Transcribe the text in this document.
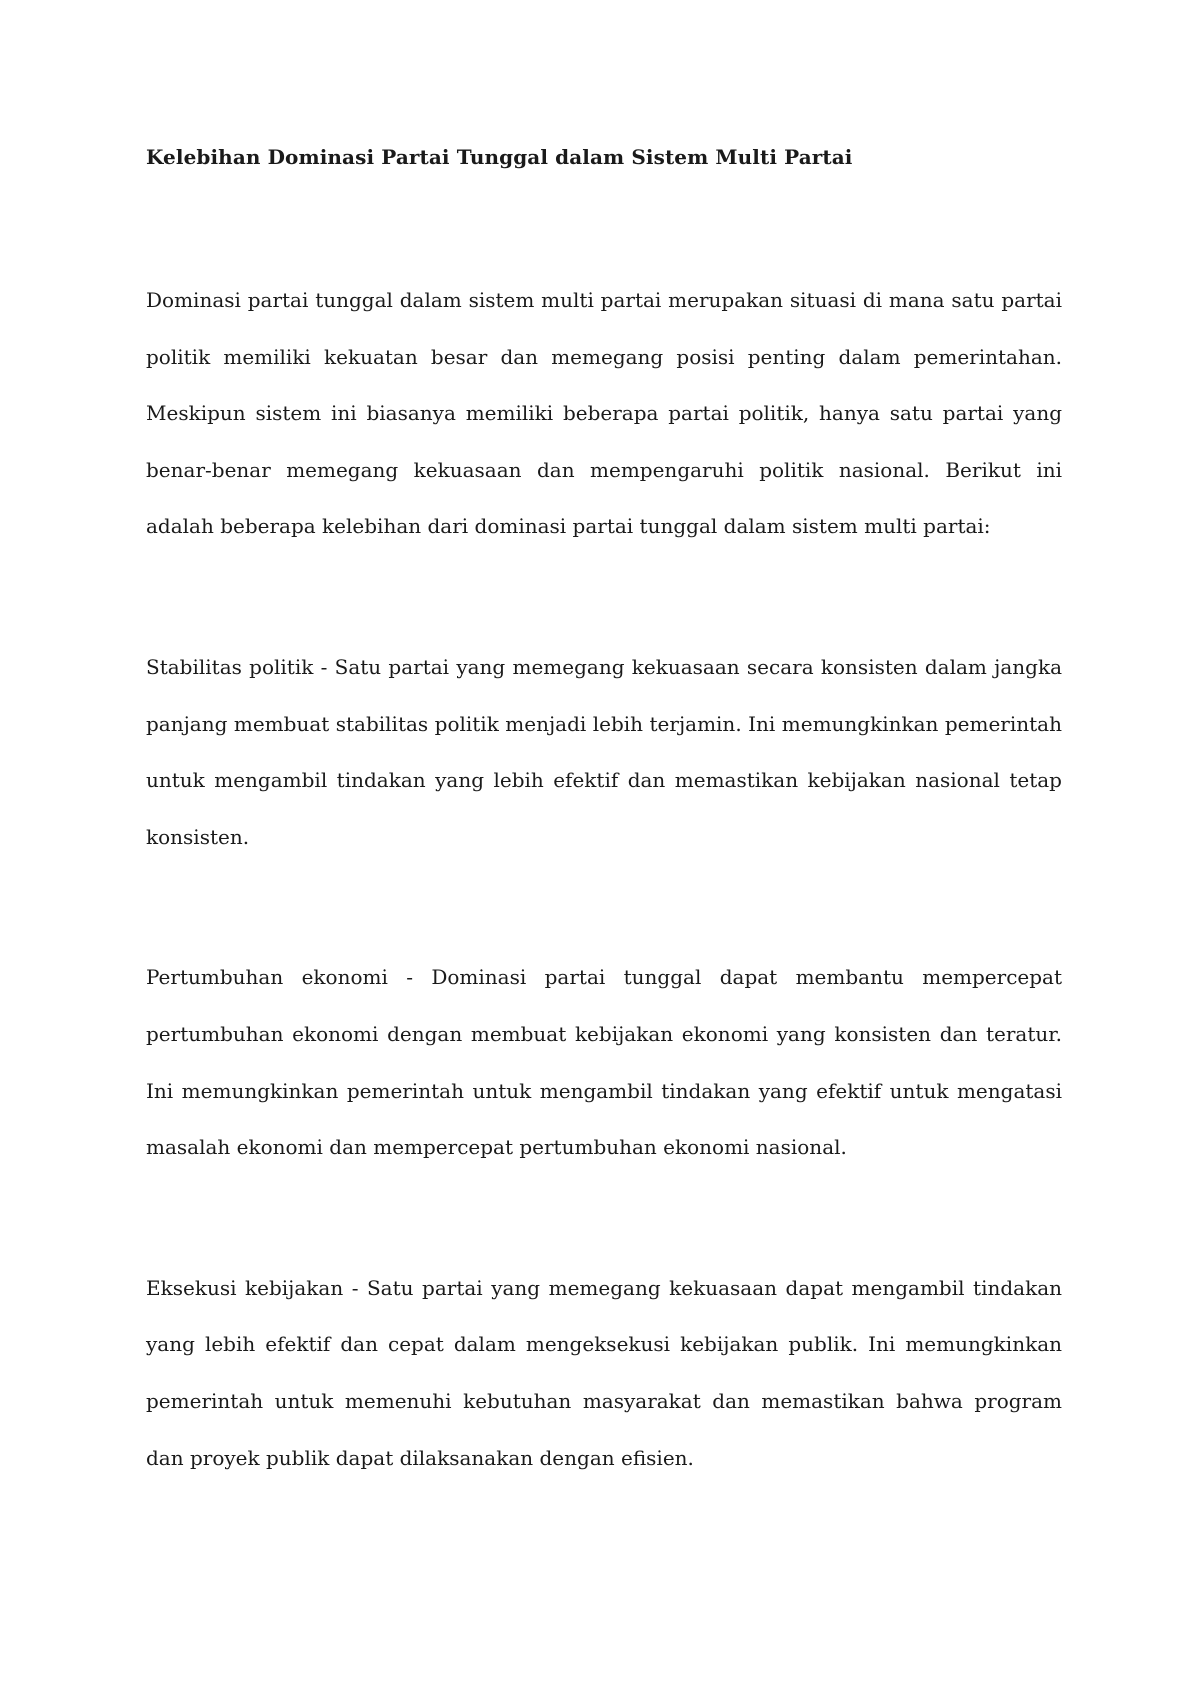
Kelebihan Dominasi Partai Tunggal dalam Sistem Multi Partai

Dominasi partai tunggal dalam sistem multi partai merupakan situasi di mana satu partai politik memiliki kekuatan besar dan memegang posisi penting dalam pemerintahan. Meskipun sistem ini biasanya memiliki beberapa partai politik, hanya satu partai yang benar-benar memegang kekuasaan dan mempengaruhi politik nasional. Berikut ini adalah beberapa kelebihan dari dominasi partai tunggal dalam sistem multi partai:

Stabilitas politik - Satu partai yang memegang kekuasaan secara konsisten dalam jangka panjang membuat stabilitas politik menjadi lebih terjamin. Ini memungkinkan pemerintah untuk mengambil tindakan yang lebih efektif dan memastikan kebijakan nasional tetap konsisten.

Pertumbuhan ekonomi - Dominasi partai tunggal dapat membantu mempercepat pertumbuhan ekonomi dengan membuat kebijakan ekonomi yang konsisten dan teratur. Ini memungkinkan pemerintah untuk mengambil tindakan yang efektif untuk mengatasi masalah ekonomi dan mempercepat pertumbuhan ekonomi nasional.

Eksekusi kebijakan - Satu partai yang memegang kekuasaan dapat mengambil tindakan yang lebih efektif dan cepat dalam mengeksekusi kebijakan publik. Ini memungkinkan pemerintah untuk memenuhi kebutuhan masyarakat dan memastikan bahwa program dan proyek publik dapat dilaksanakan dengan efisien.
